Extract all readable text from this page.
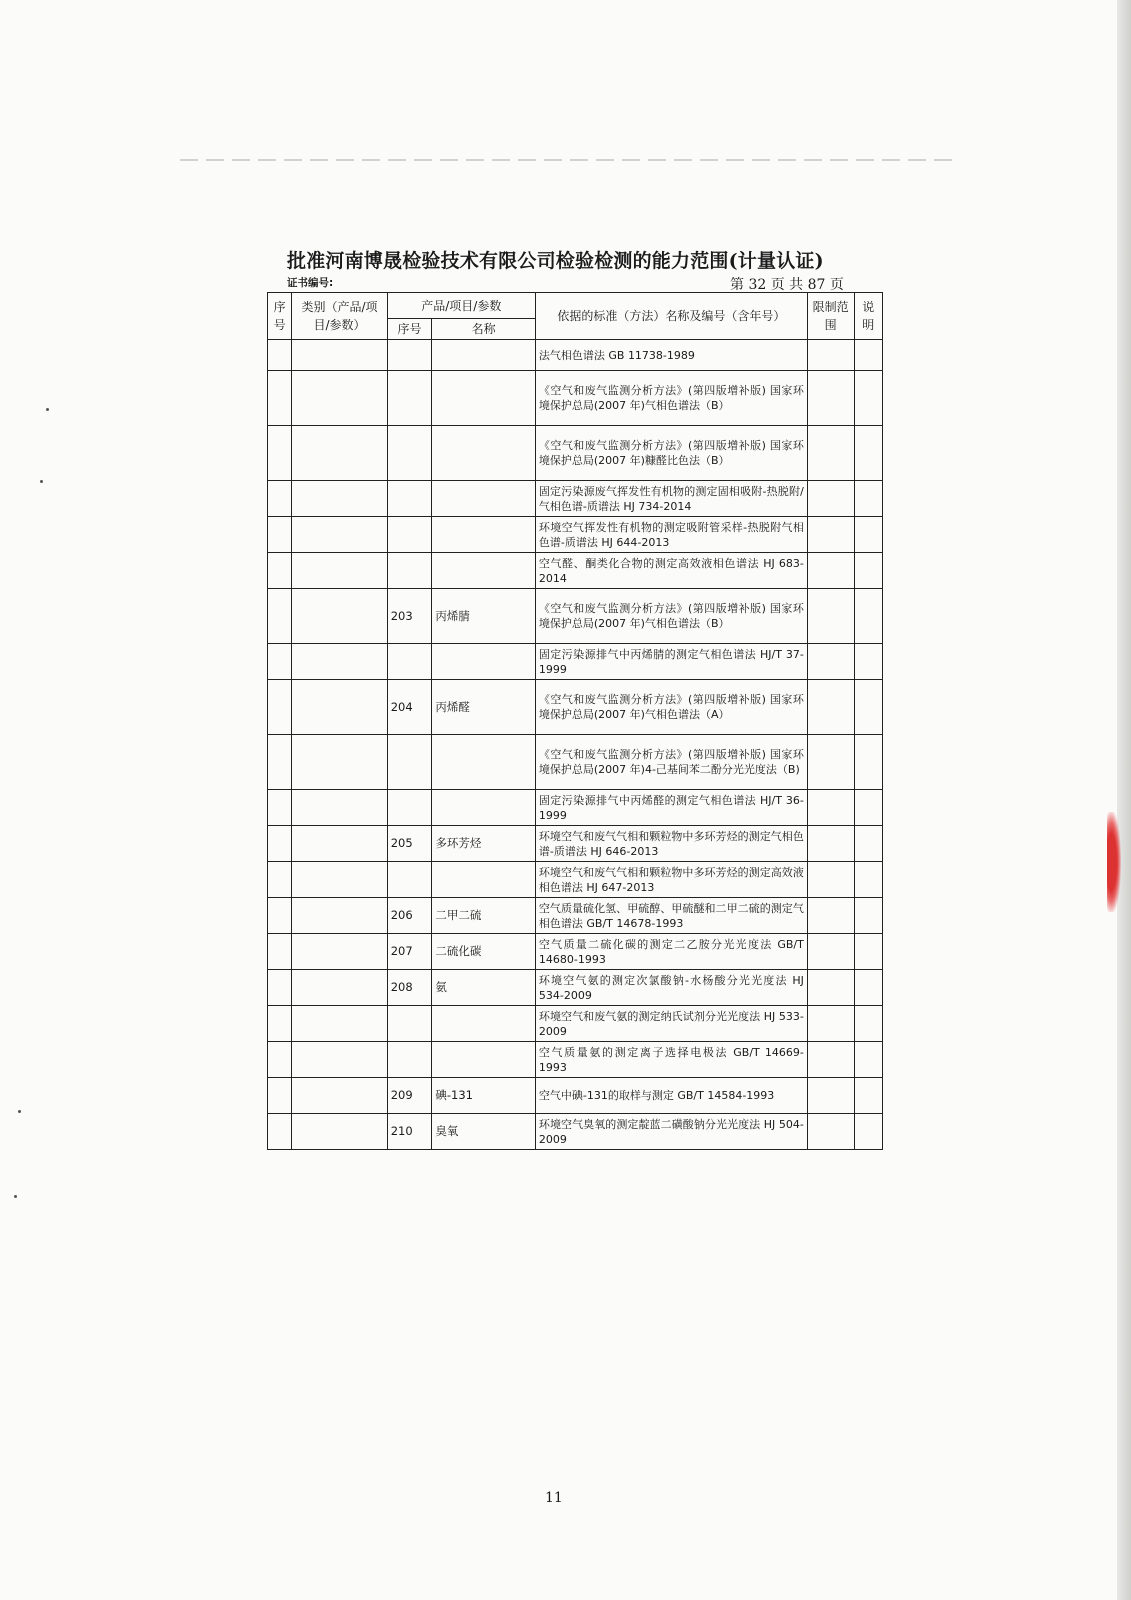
批准河南博晟检验技术有限公司检验检测的能力范围(计量认证)
证书编号:	第 32 页 共 87 页
序号	类别（产品/项目/参数）	产品/项目/参数		依据的标准（方法）名称及编号（含年号）	限制范围	说明
		序号	名称			
				法气相色谱法 GB 11738-1989		
				《空气和废气监测分析方法》(第四版增补版) 国家环境保护总局(2007 年)气相色谱法（B）		
				《空气和废气监测分析方法》(第四版增补版) 国家环境保护总局(2007 年)糠醛比色法（B）		
				固定污染源废气挥发性有机物的测定固相吸附-热脱附/气相色谱-质谱法 HJ 734-2014		
				环境空气挥发性有机物的测定吸附管采样-热脱附气相色谱-质谱法 HJ 644-2013		
				空气醛、酮类化合物的测定高效液相色谱法 HJ 683-2014		
		203	丙烯腈	《空气和废气监测分析方法》(第四版增补版) 国家环境保护总局(2007 年)气相色谱法（B）		
				固定污染源排气中丙烯腈的测定气相色谱法 HJ/T 37-1999		
		204	丙烯醛	《空气和废气监测分析方法》(第四版增补版) 国家环境保护总局(2007 年)气相色谱法（A）		
				《空气和废气监测分析方法》(第四版增补版) 国家环境保护总局(2007 年)4-己基间苯二酚分光光度法（B)		
				固定污染源排气中丙烯醛的测定气相色谱法 HJ/T 36-1999		
		205	多环芳烃	环境空气和废气气相和颗粒物中多环芳烃的测定气相色谱-质谱法 HJ 646-2013		
				环境空气和废气气相和颗粒物中多环芳烃的测定高效液相色谱法 HJ 647-2013		
		206	二甲二硫	空气质量硫化氢、甲硫醇、甲硫醚和二甲二硫的测定气相色谱法 GB/T 14678-1993		
		207	二硫化碳	空气质量二硫化碳的测定二乙胺分光光度法 GB/T 14680-1993		
		208	氨	环境空气氨的测定次氯酸钠-水杨酸分光光度法 HJ 534-2009		
				环境空气和废气氨的测定纳氏试剂分光光度法 HJ 533-2009		
				空气质量氨的测定离子选择电极法 GB/T 14669-1993		
		209	碘-131	空气中碘-131的取样与测定 GB/T 14584-1993		
		210	臭氧	环境空气臭氧的测定靛蓝二磺酸钠分光光度法 HJ 504-2009		
11
